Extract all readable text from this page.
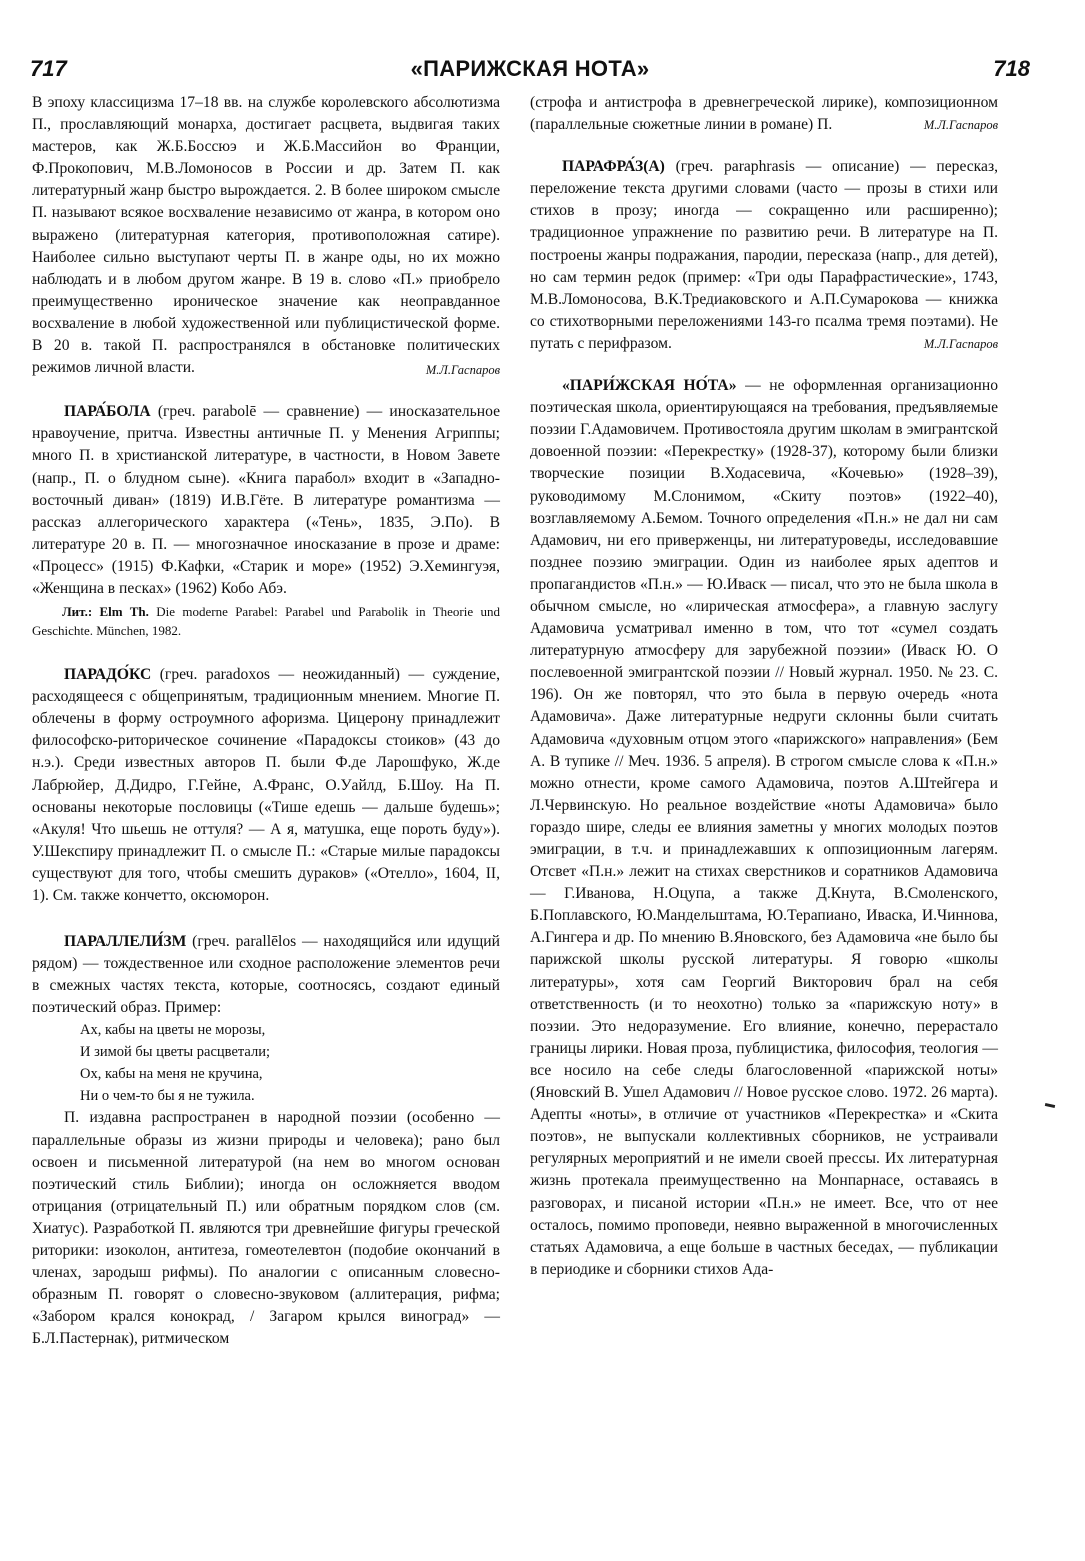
717	«ПАРИЖСКАЯ НОТА»	718

В эпоху классицизма 17–18 вв. на службе королевского абсолютизма П., прославляющий монарха, достигает расцвета, выдвигая таких мастеров, как Ж.Б.Боссюэ и Ж.Б.Массийон во Франции, Ф.Прокопович, М.В.Ломоносов в России и др. Затем П. как литературный жанр быстро вырождается. 2. В более широком смысле П. называют всякое восхваление независимо от жанра, в котором оно выражено (литературная категория, противоположная сатире). Наиболее сильно выступают черты П. в жанре оды, но их можно наблюдать и в любом другом жанре. В 19 в. слово «П.» приобрело преимущественно ироническое значение как неоправданное восхваление в любой художественной или публицистической форме. В 20 в. такой П. распространялся в обстановке политических режимов личной власти.	М.Л.Гаспаров

ПАРА́БОЛА (греч. parabolē — сравнение) — иносказательное нравоучение, притча. Известны античные П. у Менения Агриппы; много П. в христианской литературе, в частности, в Новом Завете (напр., П. о блудном сыне). «Книга парабол» входит в «Западно-восточный диван» (1819) И.В.Гёте. В литературе романтизма — рассказ аллегорического характера («Тень», 1835, Э.По). В литературе 20 в. П. — многозначное иносказание в прозе и драме: «Процесс» (1915) Ф.Кафки, «Старик и море» (1952) Э.Хемингуэя, «Женщина в песках» (1962) Кобо Абэ.

Лит.: Elm Th. Die moderne Parabel: Parabel und Parabolik in Theorie und Geschichte. München, 1982.

ПАРАДО́КС (греч. paradoxos — неожиданный) — суждение, расходящееся с общепринятым, традиционным мнением. Многие П. облечены в форму остроумного афоризма. Цицерону принадлежит философско-риторическое сочинение «Парадоксы стоиков» (43 до н.э.). Среди известных авторов П. были Ф.де Ларошфуко, Ж.де Лабрюйер, Д.Дидро, Г.Гейне, А.Франс, О.Уайлд, Б.Шоу. На П. основаны некоторые пословицы («Тише едешь — дальше будешь»; «Акуля! Что шьешь не оттуля? — А я, матушка, еще пороть буду»). У.Шекспиру принадлежит П. о смысле П.: «Старые милые парадоксы существуют для того, чтобы смешить дураков» («Отелло», 1604, II, 1). См. также кончетто, оксюморон.

ПАРАЛЛЕЛИ́ЗМ (греч. parallēlos — находящийся или идущий рядом) — тождественное или сходное расположение элементов речи в смежных частях текста, которые, соотносясь, создают единый поэтический образ. Пример:

Ах, кабы на цветы не морозы,
И зимой бы цветы расцветали;
Ох, кабы на меня не кручина,
Ни о чем-то бы я не тужила.

П. издавна распространен в народной поэзии (особенно — параллельные образы из жизни природы и человека); рано был освоен и письменной литературой (на нем во многом основан поэтический стиль Библии); иногда он осложняется вводом отрицания (отрицательный П.) или обратным порядком слов (см. Хиатус). Разработкой П. являются три древнейшие фигуры греческой риторики: изоколон, антитеза, гомеотелевтон (подобие окончаний в членах, зародыш рифмы). По аналогии с описанным словесно-образным П. говорят о словесно-звуковом (аллитерация, рифма; «Забором крался конокрад, / Загаром крылся виноград» — Б.Л.Пастернак), ритмическом

(строфа и антистрофа в древнегреческой лирике), композиционном (параллельные сюжетные линии в романе) П.	М.Л.Гаспаров

ПАРАФРА́З(А) (греч. paraphrasis — описание) — пересказ, переложение текста другими словами (часто — прозы в стихи или стихов в прозу; иногда — сокращенно или расширенно); традиционное упражнение по развитию речи. В литературе на П. построены жанры подражания, пародии, пересказа (напр., для детей), но сам термин редок (пример: «Три оды Парафрастические», 1743, М.В.Ломоносова, В.К.Тредиаковского и А.П.Сумарокова — книжка со стихотворными переложениями 143-го псалма тремя поэтами). Не путать с перифразом.	М.Л.Гаспаров

«ПАРИ́ЖСКАЯ НО́ТА» — не оформленная организационно поэтическая школа, ориентирующаяся на требования, предъявляемые поэзии Г.Адамовичем. Противостояла другим школам в эмигрантской довоенной поэзии: «Перекрестку» (1928-37), которому были близки творческие позиции В.Ходасевича, «Кочевью» (1928–39), руководимому М.Слонимом, «Скиту поэтов» (1922–40), возглавляемому А.Бемом. Точного определения «П.н.» не дал ни сам Адамович, ни его приверженцы, ни литературоведы, исследовавшие позднее поэзию эмиграции. Один из наиболее ярых адептов и пропагандистов «П.н.» — Ю.Иваск — писал, что это не была школа в обычном смысле, но «лирическая атмосфера», а главную заслугу Адамовича усматривал именно в том, что тот «сумел создать литературную атмосферу для зарубежной поэзии» (Иваск Ю. О послевоенной эмигрантской поэзии // Новый журнал. 1950. № 23. С. 196). Он же повторял, что это была в первую очередь «нота Адамовича». Даже литературные недруги склонны были считать Адамовича «духовным отцом этого «парижского» направления» (Бем А. В тупике // Меч. 1936. 5 апреля). В строгом смысле слова к «П.н.» можно отнести, кроме самого Адамовича, поэтов А.Штейгера и Л.Червинскую. Но реальное воздействие «ноты Адамовича» было гораздо шире, следы ее влияния заметны у многих молодых поэтов эмиграции, в т.ч. и принадлежавших к оппозиционным лагерям. Отсвет «П.н.» лежит на стихах сверстников и соратников Адамовича — Г.Иванова, Н.Оцупа, а также Д.Кнута, В.Смоленского, Б.Поплавского, Ю.Мандельштама, Ю.Терапиано, Иваска, И.Чиннова, А.Гингера и др. По мнению В.Яновского, без Адамовича «не было бы парижской школы русской литературы. Я говорю «школы литературы», хотя сам Георгий Викторович брал на себя ответственность (и то неохотно) только за «парижскую ноту» в поэзии. Это недоразумение. Его влияние, конечно, перерастало границы лирики. Новая проза, публицистика, философия, теология — все носило на себе следы благословенной «парижской ноты» (Яновский В. Ушел Адамович // Новое русское слово. 1972. 26 марта). Адепты «ноты», в отличие от участников «Перекрестка» и «Скита поэтов», не выпускали коллективных сборников, не устраивали регулярных мероприятий и не имели своей прессы. Их литературная жизнь протекала преимущественно на Монпарнасе, оставаясь в разговорах, и писаной истории «П.н.» не имеет. Все, что от нее осталось, помимо проповеди, неявно выраженной в многочисленных статьях Адамовича, а еще больше в частных беседах, — публикации в периодике и сборники стихов Ада-
